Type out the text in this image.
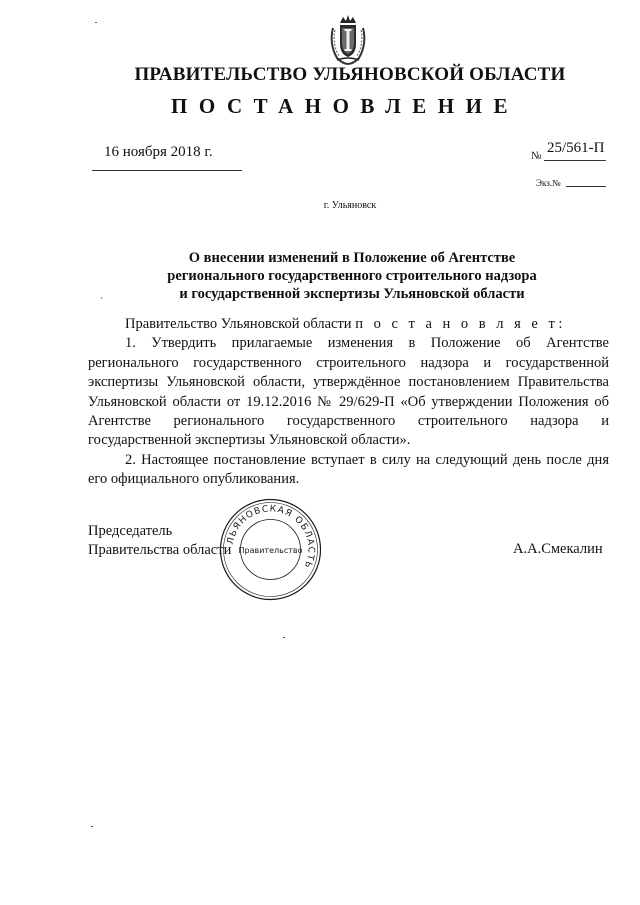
ПРАВИТЕЛЬСТВО УЛЬЯНОВСКОЙ ОБЛАСТИ
ПОСТАНОВЛЕНИЕ
16 ноября 2018 г.	№ 25/561-П
Экз.№
г. Ульяновск
О внесении изменений в Положение об Агентстве
регионального государственного строительного надзора
и государственной экспертизы Ульяновской области
ˋ

Правительство Ульяновской области п о с т а н о в л я е т:

1. Утвердить прилагаемые изменения в Положение об Агентстве регионального государственного строительного надзора и государственной экспертизы Ульяновской области, утверждённое постановлением Правительства Ульяновской области от 19.12.2016 № 29/629-П «Об утверждении Положения об Агентстве регионального государственного строительного надзора и государственной экспертизы Ульяновской области».

2. Настоящее постановление вступает в силу на следующий день после дня его официального опубликования.

Председатель
Правительства области	А.А.Смекалин
ЛЬЯНОВСКАЯ ОБЛАСТЬ
Правительство
